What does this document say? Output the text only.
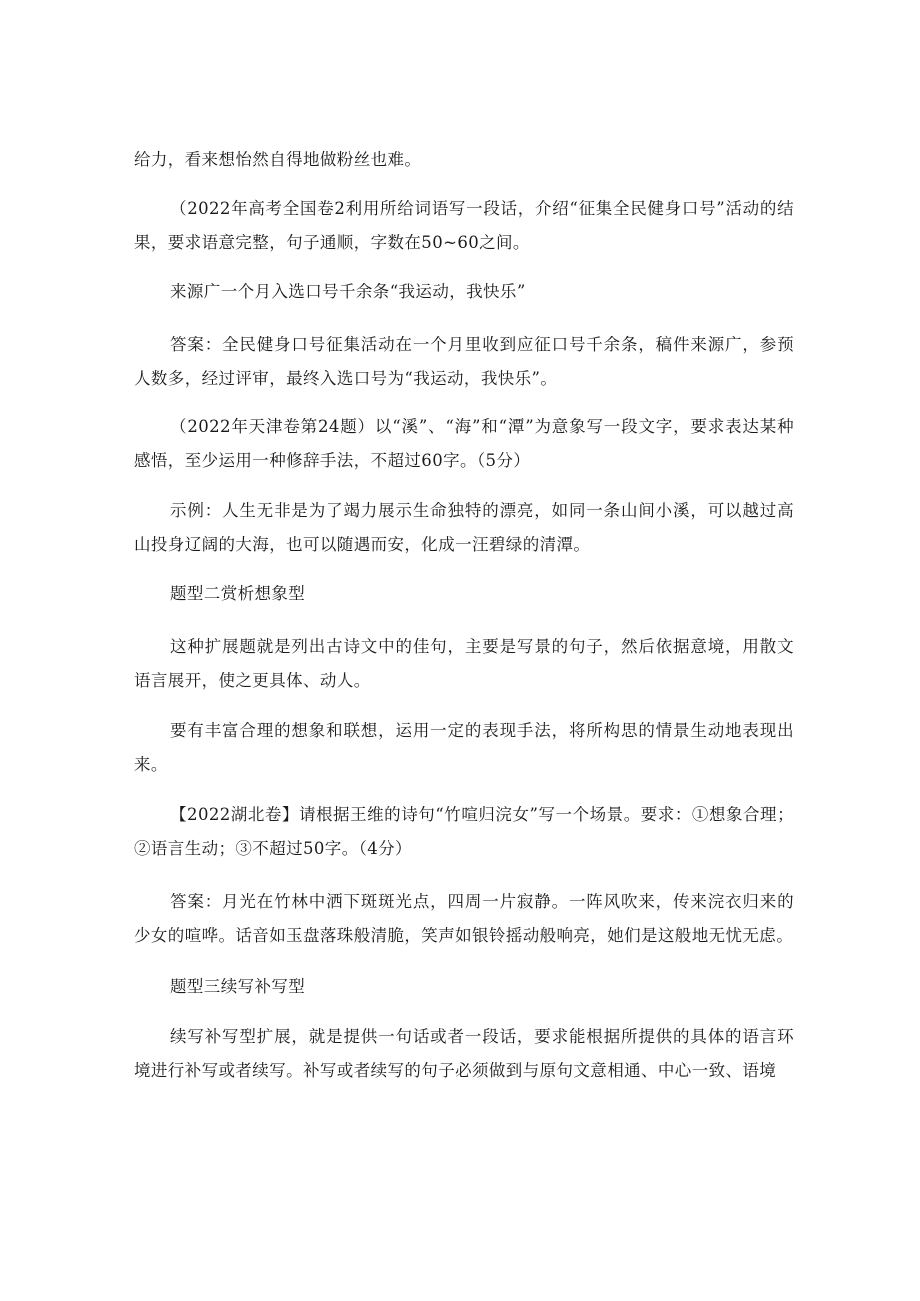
给力，看来想怡然自得地做粉丝也难。

（2022年高考全国卷2利用所给词语写一段话，介绍“征集全民健身口号”活动的结果，要求语意完整，句子通顺，字数在50~60之间。

来源广一个月入选口号千余条“我运动，我快乐”

答案：全民健身口号征集活动在一个月里收到应征口号千余条，稿件来源广，参预人数多，经过评审，最终入选口号为“我运动，我快乐”。

（2022年天津卷第24题）以“溪”、“海”和“潭”为意象写一段文字，要求表达某种感悟，至少运用一种修辞手法，不超过60字。（5分）

示例：人生无非是为了竭力展示生命独特的漂亮，如同一条山间小溪，可以越过高山投身辽阔的大海，也可以随遇而安，化成一汪碧绿的清潭。

题型二赏析想象型

这种扩展题就是列出古诗文中的佳句，主要是写景的句子，然后依据意境，用散文语言展开，使之更具体、动人。

要有丰富合理的想象和联想，运用一定的表现手法，将所构思的情景生动地表现出来。

【2022湖北卷】请根据王维的诗句“竹喧归浣女”写一个场景。要求：①想象合理；②语言生动；③不超过50字。（4分）

答案：月光在竹林中洒下斑斑光点，四周一片寂静。一阵风吹来，传来浣衣归来的少女的喧哗。话音如玉盘落珠般清脆，笑声如银铃摇动般响亮，她们是这般地无忧无虑。

题型三续写补写型

续写补写型扩展，就是提供一句话或者一段话，要求能根据所提供的具体的语言环境进行补写或者续写。补写或者续写的句子必须做到与原句文意相通、中心一致、语境
